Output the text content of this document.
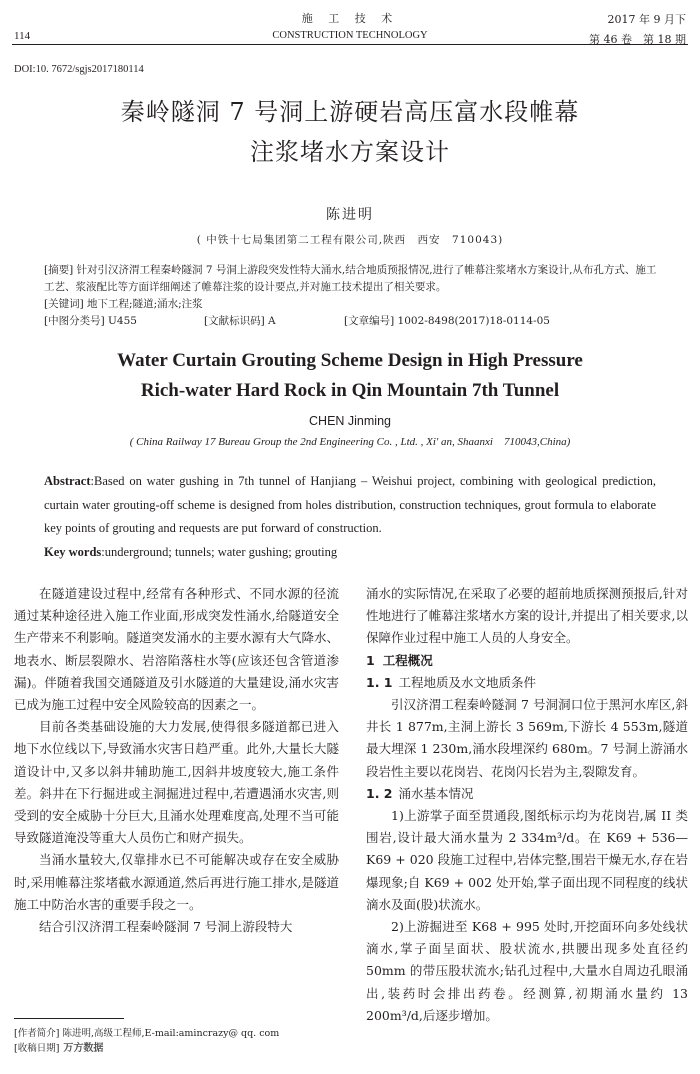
114
施 工 技 术
CONSTRUCTION TECHNOLOGY
2017 年 9 月下
第 46 卷　第 18 期
DOI:10. 7672/sgjs2017180114
秦岭隧洞 7 号洞上游硬岩高压富水段帷幕
注浆堵水方案设计
陈进明
( 中铁十七局集团第二工程有限公司,陕西　西安　710043)
[摘要] 针对引汉济渭工程秦岭隧洞 7 号洞上游段突发性特大涌水,结合地质预报情况,进行了帷幕注浆堵水方案设计,从布孔方式、施工工艺、浆液配比等方面详细阐述了帷幕注浆的设计要点,并对施工技术提出了相关要求。
[关键词] 地下工程;隧道;涌水;注浆
[中图分类号] U455	[文献标识码] A	[文章编号] 1002-8498(2017)18-0114-05
Water Curtain Grouting Scheme Design in High Pressure
Rich-water Hard Rock in Qin Mountain 7th Tunnel
CHEN Jinming
( China Railway 17 Bureau Group the 2nd Engineering Co. , Ltd. , Xi' an, Shaanxi　710043,China)
Abstract:Based on water gushing in 7th tunnel of Hanjiang – Weishui project, combining with geological prediction, curtain water grouting-off scheme is designed from holes distribution, construction techniques, grout formula to elaborate key points of grouting and requests are put forward of construction.
Key words:underground; tunnels; water gushing; grouting

在隧道建设过程中,经常有各种形式、不同水源的径流通过某种途径进入施工作业面,形成突发性涌水,给隧道安全生产带来不利影响。隧道突发涌水的主要水源有大气降水、地表水、断层裂隙水、岩溶陷落柱水等(应该还包含管道渗漏)。伴随着我国交通隧道及引水隧道的大量建设,涌水灾害已成为施工过程中安全风险较高的因素之一。

目前各类基础设施的大力发展,使得很多隧道都已进入地下水位线以下,导致涌水灾害日趋严重。此外,大量长大隧道设计中,又多以斜井辅助施工,因斜井坡度较大,施工条件差。斜井在下行掘进或主洞掘进过程中,若遭遇涌水灾害,则受到的安全威胁十分巨大,且涌水处理难度高,处理不当可能导致隧道淹没等重大人员伤亡和财产损失。

当涌水量较大,仅靠排水已不可能解决或存在安全威胁时,采用帷幕注浆堵截水源通道,然后再进行施工排水,是隧道施工中防治水害的重要手段之一。

结合引汉济渭工程秦岭隧洞 7 号洞上游段特大

涌水的实际情况,在采取了必要的超前地质探测预报后,针对性地进行了帷幕注浆堵水方案的设计,并提出了相关要求,以保障作业过程中施工人员的人身安全。

1 工程概况
1. 1 工程地质及水文地质条件

引汉济渭工程秦岭隧洞 7 号洞洞口位于黑河水库区,斜井长 1 877m,主洞上游长 3 569m,下游长 4 553m,隧道最大埋深 1 230m,涌水段埋深约 680m。7 号洞上游涌水段岩性主要以花岗岩、花岗闪长岩为主,裂隙发育。

1. 2 涌水基本情况

1)上游掌子面至贯通段,图纸标示均为花岗岩,属 II 类围岩,设计最大涌水量为 2 334m³/d。在 K69 + 536—K69 + 020 段施工过程中,岩体完整,围岩干燥无水,存在岩爆现象;自 K69 + 002 处开始,掌子面出现不同程度的线状滴水及面(股)状流水。

2)上游掘进至 K68 + 995 处时,开挖面环向多处线状滴水,掌子面呈面状、股状流水,拱腰出现多处直径约 50mm 的带压股状流水;钻孔过程中,大量水自周边孔眼涌出,装药时会排出药卷。经测算,初期涌水量约 13 200m³/d,后逐步增加。

[作者简介] 陈进明,高级工程师,E-mail:amincrazy@ qq. com
[收稿日期] 万方数据
